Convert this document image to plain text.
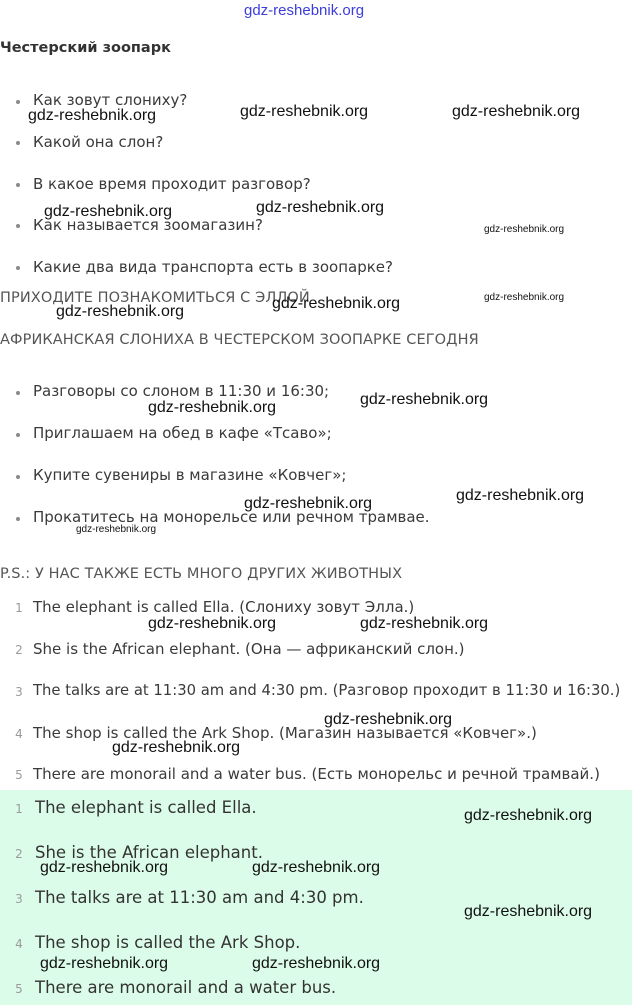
gdz-reshebnik.org
Честерский зоопарк
Как зовут слониху?
Какой она слон?
В какое время проходит разговор?
Как называется зоомагазин?
Какие два вида транспорта есть в зоопарке?
ПРИХОДИТЕ ПОЗНАКОМИТЬСЯ С ЭЛЛОЙ
АФРИКАНСКАЯ СЛОНИХА В ЧЕСТЕРСКОМ ЗООПАРКЕ СЕГОДНЯ
Разговоры со слоном в 11:30 и 16:30;
Приглашаем на обед в кафе «Тсаво»;
Купите сувениры в магазине «Ковчег»;
Прокатитесь на монорельсе или речном трамвае.
P.S.: У НАС ТАКЖЕ ЕСТЬ МНОГО ДРУГИХ ЖИВОТНЫХ
1 The elephant is called Ella. (Слониху зовут Элла.)
2 She is the African elephant. (Она — африканский слон.)
3 The talks are at 11:30 am and 4:30 pm. (Разговор проходит в 11:30 и 16:30.)
4 The shop is called the Ark Shop. (Магазин называется «Ковчег».)
5 There are monorail and a water bus. (Есть монорельс и речной трамвай.)
1 The elephant is called Ella.
2 She is the African elephant.
3 The talks are at 11:30 am and 4:30 pm.
4 The shop is called the Ark Shop.
5 There are monorail and a water bus.
gdz-reshebnik.org	gdz-reshebnik.org	gdz-reshebnik.org
gdz-reshebnik.org	gdz-reshebnik.org
gdz-reshebnik.org
gdz-reshebnik.org
gdz-reshebnik.org
gdz-reshebnik.org
gdz-reshebnik.org	gdz-reshebnik.org
gdz-reshebnik.org	gdz-reshebnik.org
gdz-reshebnik.org
gdz-reshebnik.org	gdz-reshebnik.org
gdz-reshebnik.org
gdz-reshebnik.org
gdz-reshebnik.org
gdz-reshebnik.org	gdz-reshebnik.org
gdz-reshebnik.org
gdz-reshebnik.org	gdz-reshebnik.org
